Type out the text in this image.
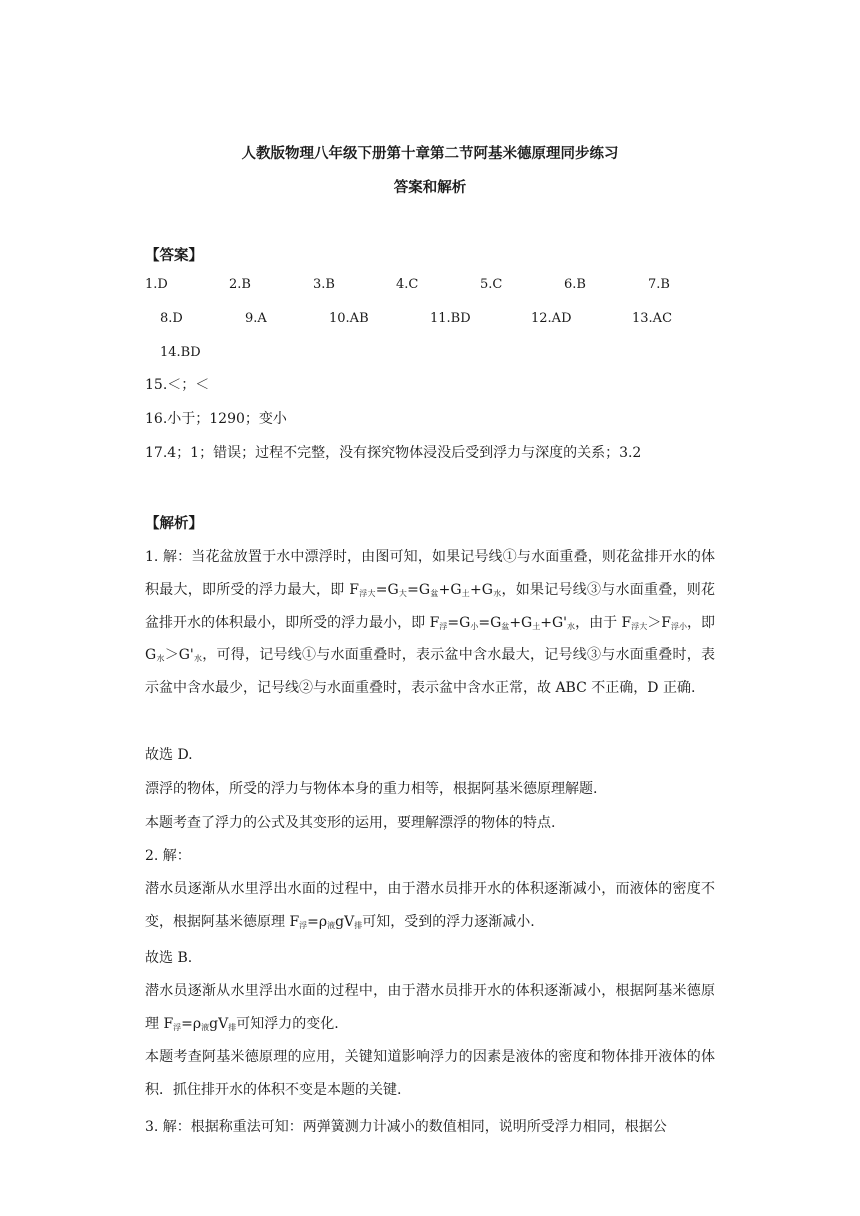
人教版物理八年级下册第十章第二节阿基米德原理同步练习
答案和解析
【答案】
1.D	2.B	3.B	4.C	5.C	6.B	7.B
8.D	9.A	10.AB	11.BD	12.AD	13.AC
14.BD
15.＜；＜
16.小于；1290；变小
17.4；1；错误；过程不完整，没有探究物体浸没后受到浮力与深度的关系；3.2
【解析】
1. 解：当花盆放置于水中漂浮时，由图可知，如果记号线①与水面重叠，则花盆排开水的体积最大，即所受的浮力最大，即 $F_{浮大}=G_大=G_盆+G_土+G_水$，如果记号线③与水面重叠，则花盆排开水的体积最小，即所受的浮力最小，即 $F_浮=G_小=G_盆+G_土+G'_水$，由于 $F_{浮大}>F_{浮小}$，即 $G_水>G'_水$，可得，记号线①与水面重叠时，表示盆中含水最大，记号线③与水面重叠时，表示盆中含水最少，记号线②与水面重叠时，表示盆中含水正常，故 ABC 不正确，D 正确.
故选 D.
漂浮的物体，所受的浮力与物体本身的重力相等，根据阿基米德原理解题.
本题考查了浮力的公式及其变形的运用，要理解漂浮的物体的特点.
2. 解：
潜水员逐渐从水里浮出水面的过程中，由于潜水员排开水的体积逐渐减小，而液体的密度不变，根据阿基米德原理 $F_浮=\rho_液gV_排$可知，受到的浮力逐渐减小.
故选 B.
潜水员逐渐从水里浮出水面的过程中，由于潜水员排开水的体积逐渐减小，根据阿基米德原理 $F_浮=\rho_液gV_排$可知浮力的变化.
本题考查阿基米德原理的应用，关键知道影响浮力的因素是液体的密度和物体排开液体的体积．抓住排开水的体积不变是本题的关键.
3. 解：根据称重法可知：两弹簧测力计减小的数值相同，说明所受浮力相同，根据公
